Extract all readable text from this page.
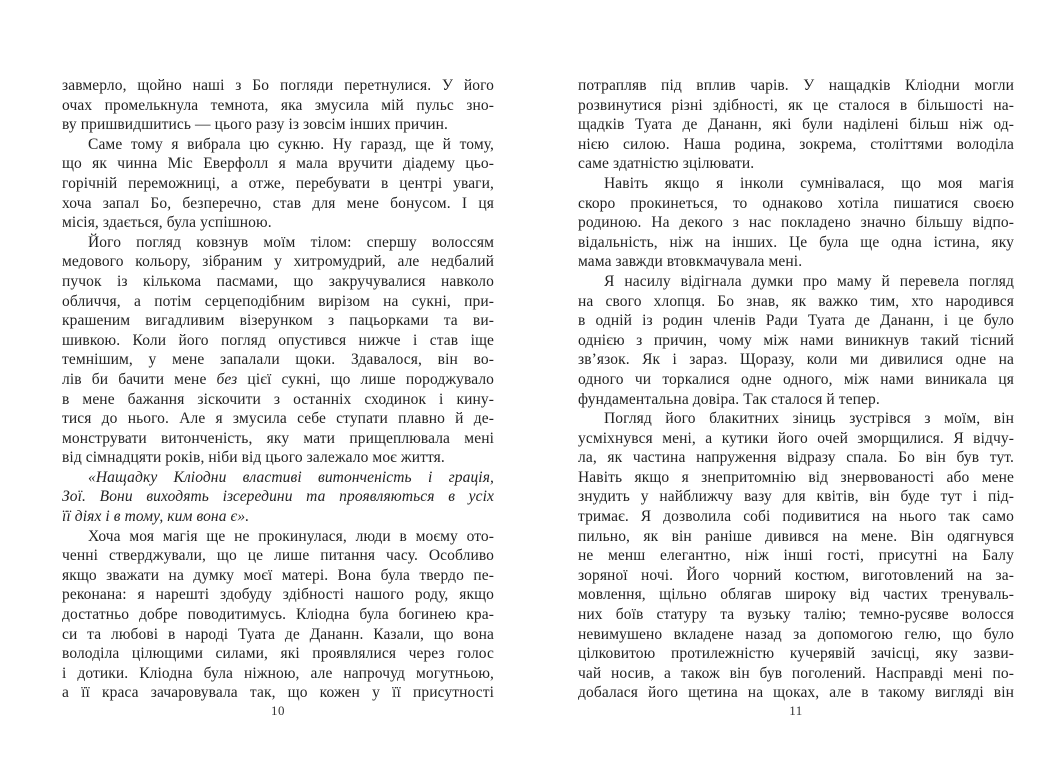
завмерло, щойно наші з Бо погляди перетнулися. У його
очах промелькнула темнота, яка змусила мій пульс зно-
ву пришвидшитись — цього разу із зовсім інших причин.
Саме тому я вибрала цю сукню. Ну гаразд, ще й тому,
що як чинна Міс Еверфолл я мала вручити діадему цьо-
горічній переможниці, а отже, перебувати в центрі уваги,
хоча запал Бо, безперечно, став для мене бонусом. І ця
місія, здається, була успішною.
Його погляд ковзнув моїм тілом: спершу волоссям
медового кольору, зібраним у хитромудрий, але недбалий
пучок із кількома пасмами, що закручувалися навколо
обличчя, а потім серцеподібним вирізом на сукні, при-
крашеним вигадливим візерунком з пацьорками та ви-
шивкою. Коли його погляд опустився нижче і став іще
темнішим, у мене запалали щоки. Здавалося, він во-
лів би бачити мене без цієї сукні, що лише породжувало
в мене бажання зіскочити з останніх сходинок і кину-
тися до нього. Але я змусила себе ступати плавно й де-
монструвати витонченість, яку мати прищеплювала мені
від сімнадцяти років, ніби від цього залежало моє життя.
«Нащадку Кліодни властиві витонченість і грація,
Зої. Вони виходять ізсередини та проявляються в усіх
її діях і в тому, ким вона є».
Хоча моя магія ще не прокинулася, люди в моєму ото-
ченні стверджували, що це лише питання часу. Особливо
якщо зважати на думку моєї матері. Вона була твердо пе-
реконана: я нарешті здобуду здібності нашого роду, якщо
достатньо добре поводитимусь. Кліодна була богинею кра-
си та любові в народі Туата де Дананн. Казали, що вона
володіла цілющими силами, які проявлялися через голос
і дотики. Кліодна була ніжною, але напрочуд могутньою,
а її краса зачаровувала так, що кожен у її присутності
10
потрапляв під вплив чарів. У нащадків Кліодни могли
розвинутися різні здібності, як це сталося в більшості на-
щадків Туата де Дананн, які були наділені більш ніж од-
нією силою. Наша родина, зокрема, століттями володіла
саме здатністю зцілювати.
Навіть якщо я інколи сумнівалася, що моя магія
скоро прокинеться, то однаково хотіла пишатися своєю
родиною. На декого з нас покладено значно більшу відпо-
відальність, ніж на інших. Це була ще одна істина, яку
мама завжди втовкмачувала мені.
Я насилу відігнала думки про маму й перевела погляд
на свого хлопця. Бо знав, як важко тим, хто народився
в одній із родин членів Ради Туата де Дананн, і це було
однією з причин, чому між нами виникнув такий тісний
зв’язок. Як і зараз. Щоразу, коли ми дивилися одне на
одного чи торкалися одне одного, між нами виникала ця
фундаментальна довіра. Так сталося й тепер.
Погляд його блакитних зіниць зустрівся з моїм, він
усміхнувся мені, а кутики його очей зморщилися. Я відчу-
ла, як частина напруження відразу спала. Бо він був тут.
Навіть якщо я знепритомнію від знервованості або мене
знудить у найближчу вазу для квітів, він буде тут і під-
тримає. Я дозволила собі подивитися на нього так само
пильно, як він раніше дивився на мене. Він одягнувся
не менш елегантно, ніж інші гості, присутні на Балу
зоряної ночі. Його чорний костюм, виготовлений на за-
мовлення, щільно облягав широку від частих тренуваль-
них боїв статуру та вузьку талію; темно-русяве волосся
невимушено вкладене назад за допомогою гелю, що було
цілковитою протилежністю кучерявій зачісці, яку зазви-
чай носив, а також він був поголений. Насправді мені по-
добалася його щетина на щоках, але в такому вигляді він
11
